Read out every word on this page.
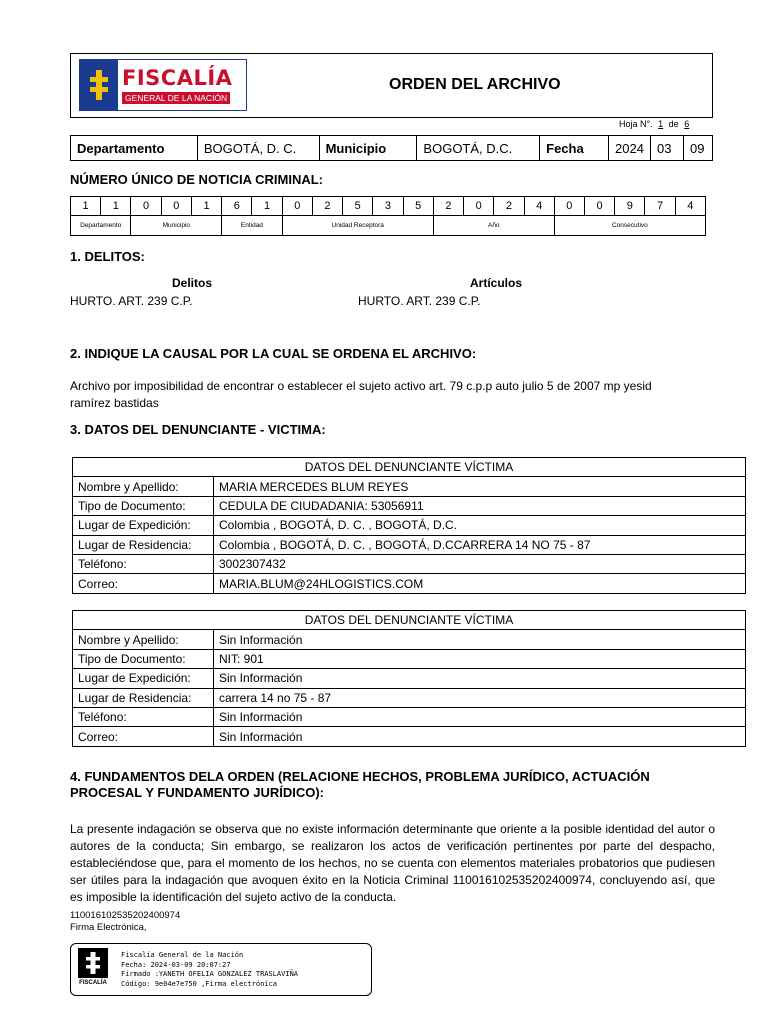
FISCALÍA
GENERAL DE LA NACIÓN
ORDEN DEL ARCHIVO
Hoja N°. 1 de 6
Departamento	BOGOTÁ, D. C.	Municipio	BOGOTÁ, D.C.	Fecha	2024	03	09
NÚMERO ÚNICO DE NOTICIA CRIMINAL:
1	1	0	0	1	6	1	0	2	5	3	5	2	0	2	4	0	0	9	7	4
Departamento		Municipio			Entidad		Unidad Receptora					Año				Consecutivo				
1. DELITOS:
Delitos	Artículos
HURTO. ART. 239 C.P.	HURTO. ART. 239 C.P.
2. INDIQUE LA CAUSAL POR LA CUAL SE ORDENA EL ARCHIVO:
Archivo por imposibilidad de encontrar o establecer el sujeto activo art. 79 c.p.p auto julio 5 de 2007 mp yesid
ramírez bastidas
3. DATOS DEL DENUNCIANTE - VICTIMA:
DATOS DEL DENUNCIANTE VÍCTIMA	
Nombre y Apellido:	MARIA MERCEDES BLUM REYES
Tipo de Documento:	CEDULA DE CIUDADANIA: 53056911
Lugar de Expedición:	Colombia , BOGOTÁ, D. C. , BOGOTÁ, D.C.
Lugar de Residencia:	Colombia , BOGOTÁ, D. C. , BOGOTÁ, D.CCARRERA 14 NO 75 - 87
Teléfono:	3002307432
Correo:	MARIA.BLUM@24HLOGISTICS.COM
DATOS DEL DENUNCIANTE VÍCTIMA	
Nombre y Apellido:	Sin Información
Tipo de Documento:	NIT: 901
Lugar de Expedición:	Sin Información
Lugar de Residencia:	carrera 14 no 75 - 87
Teléfono:	Sin Información
Correo:	Sin Información
4. FUNDAMENTOS DELA ORDEN (RELACIONE HECHOS, PROBLEMA JURÍDICO, ACTUACIÓN
PROCESAL Y FUNDAMENTO JURÍDICO):
La presente indagación se observa que no existe información determinante que oriente a la posible identidad del autor o autores de la conducta; Sin embargo, se realizaron los actos de verificación pertinentes por parte del despacho, estableciéndose que, para el momento de los hechos, no se cuenta con elementos materiales probatorios que pudiesen ser útiles para la indagación que avoquen éxito en la Noticia Criminal 110016102535202400974, concluyendo así, que es imposible la identificación del sujeto activo de la conducta.
110016102535202400974
Firma Electrónica,
FISCALÍA
Fiscalía General de la Nación
Fecha: 2024-03-09 20:07:27
Firmado :YANETH OFELIA GONZALEZ TRASLAVIÑA
Código: 9e04e7e750 ,Firma electrónica
